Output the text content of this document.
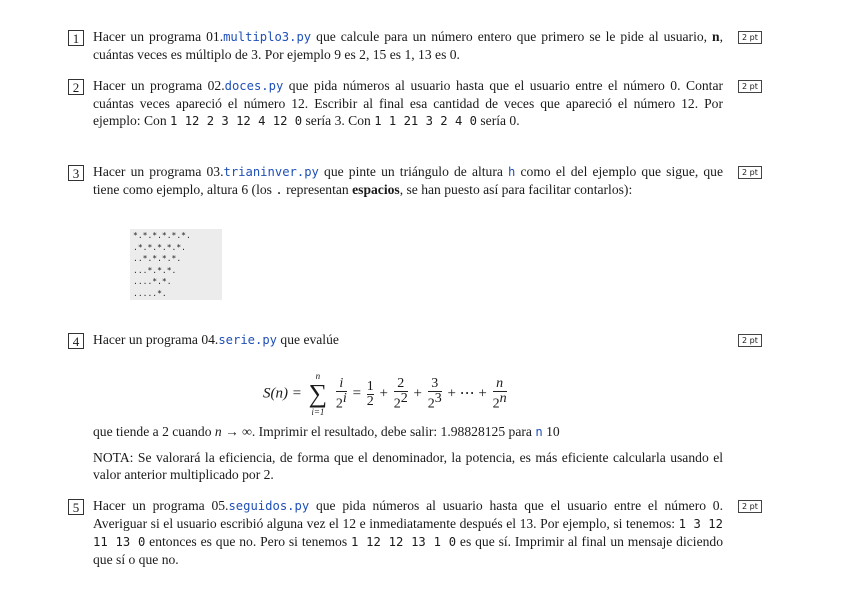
1	Hacer un programa 01.multiplo3.py que calcule para un número entero que primero se le pide al usuario, n, cuántas veces es múltiplo de 3. Por ejemplo 9 es 2, 15 es 1, 13 es 0.
2 pt
2	Hacer un programa 02.doces.py que pida números al usuario hasta que el usuario entre el número 0. Contar cuántas veces apareció el número 12. Escribir al final esa cantidad de veces que apareció el número 12. Por ejemplo: Con 1 12 2 3 12 4 12 0 sería 3. Con 1 1 21 3 2 4 0 sería 0.
2 pt
3	Hacer un programa 03.trianinver.py que pinte un triángulo de altura h como el del ejemplo que sigue, que tiene como ejemplo, altura 6 (los . representan espacios, se han puesto así para facilitar contarlos):
*.*.*.*.*.*.
.*.*.*.*.*.
..*.*.*.*.
...*.*.*.
....*.*.
.....*.
2 pt
4	Hacer un programa 04.serie.py que evalúe	2 pt
S(n) =
n
∑
i=1

$\frac{i}{2i} = \frac{1}{2} + \frac{2}{22} + \frac{3}{23}$ + ⋯ + $\frac{n}{2n}$
que tiende a 2 cuando n → ∞. Imprimir el resultado, debe salir: 1.98828125 para n 10
NOTA: Se valorará la eficiencia, de forma que el denominador, la potencia, es más eficiente calcularla usando el valor anterior multiplicado por 2.
5	Hacer un programa 05.seguidos.py que pida números al usuario hasta que el usuario entre el número 0. Averiguar si el usuario escribió alguna vez el 12 e inmediatamente después el 13. Por ejemplo, si tenemos: 1 3 12 11 13 0 entonces es que no. Pero si tenemos 1 12 12 13 1 0 es que sí. Imprimir al final un mensaje diciendo que sí o que no.
2 pt
